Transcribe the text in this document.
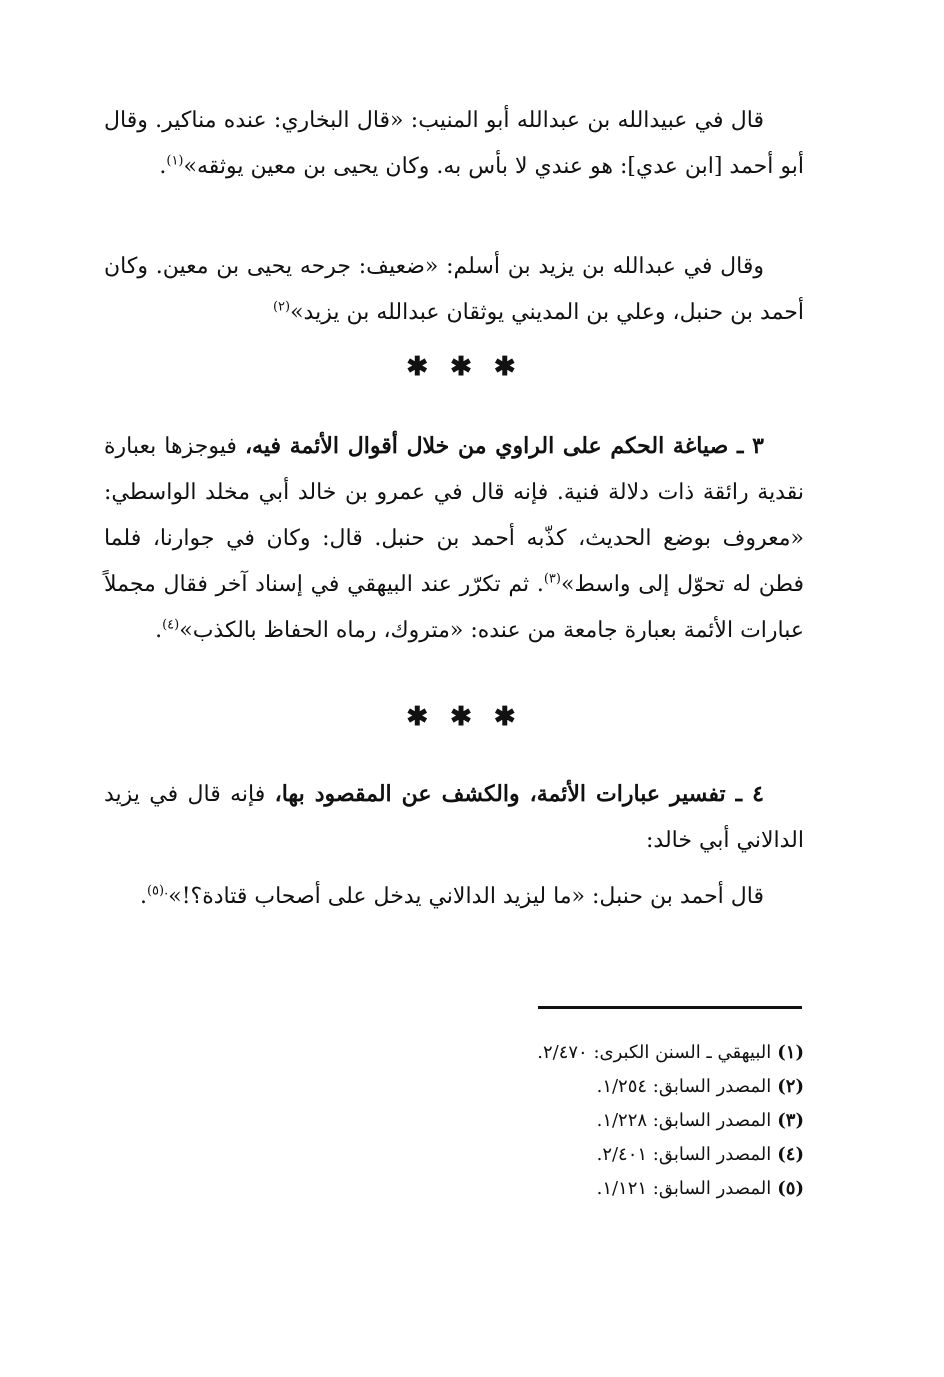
قال في عبيدالله بن عبدالله أبو المنيب: «قال البخاري: عنده مناكير. وقال أبو أحمد [ابن عدي]: هو عندي لا بأس به. وكان يحيى بن معين يوثقه»$^{(١)}$.

وقال في عبدالله بن يزيد بن أسلم: «ضعيف: جرحه يحيى بن معين. وكان أحمد بن حنبل، وعلي بن المديني يوثقان عبدالله بن يزيد»$^{(٢)}$

✱✱✱

٣ ـ صياغة الحكم على الراوي من خلال أقوال الأئمة فيه، فيوجزها بعبارة نقدية رائقة ذات دلالة فنية. فإنه قال في عمرو بن خالد أبي مخلد الواسطي: «معروف بوضع الحديث، كذّبه أحمد بن حنبل. قال: وكان في جوارنا، فلما فطن له تحوّل إلى واسط»$^{(٣)}$. ثم تكرّر عند البيهقي في إسناد آخر فقال مجملاً عبارات الأئمة بعبارة جامعة من عنده: «متروك، رماه الحفاظ بالكذب»$^{(٤)}$.

✱✱✱

٤ ـ تفسير عبارات الأئمة، والكشف عن المقصود بها، فإنه قال في يزيد الدالاني أبي خالد:

قال أحمد بن حنبل: «ما ليزيد الدالاني يدخل على أصحاب قتادة؟!»$^{.(٥)}$.

(١)البيهقي ـ السنن الكبرى: ٢/٤٧٠.
(٢)المصدر السابق: ١/٢٥٤.
(٣)المصدر السابق: ١/٢٢٨.
(٤)المصدر السابق: ٢/٤٠١.
(٥)المصدر السابق: ١/١٢١.
